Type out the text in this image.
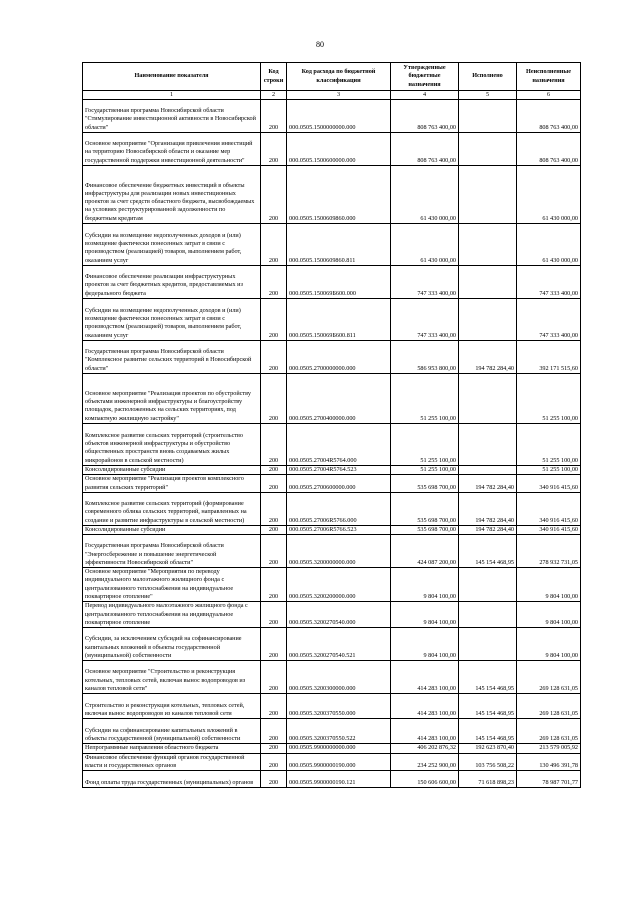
80
Наименование показателя	Код строки	Код расхода по бюджетной классификации	Утвержденные бюджетные назначения	Исполнено	Неисполненные назначения
1	2	3	4	5	6
Государственная программа Новосибирской области "Стимулирование инвестиционной активности в Новосибирской области"	200	000.0505.1500000000.000	808 763 400,00		808 763 400,00
Основное мероприятие "Организация привлечения инвестиций на территорию Новосибирской области и оказание мер государственной поддержки инвестиционной деятельности"	200	000.0505.1500600000.000	808 763 400,00		808 763 400,00
Финансовое обеспечение бюджетных инвестиций в объекты инфраструктуры для реализации новых инвестиционных проектов за счет средств областного бюджета, высвобождаемых на условиях реструктурированной задолженности по бюджетным кредитам	200	000.0505.1500609860.000	61 430 000,00		61 430 000,00
Субсидии на возмещение недополученных доходов и (или) возмещение фактически понесенных затрат в связи с производством (реализацией) товаров, выполнением работ, оказанием услуг	200	000.0505.1500609860.811	61 430 000,00		61 430 000,00
Финансовое обеспечение реализации инфраструктурных проектов за счет бюджетных кредитов, предоставляемых из федерального бюджета	200	000.0505.150069Б600.000	747 333 400,00		747 333 400,00
Субсидии на возмещение недополученных доходов и (или) возмещение фактически понесенных затрат в связи с производством (реализацией) товаров, выполнением работ, оказанием услуг	200	000.0505.150069Б600.811	747 333 400,00		747 333 400,00
Государственная программа Новосибирской области "Комплексное развитие сельских территорий в Новосибирской области"	200	000.0505.2700000000.000	586 953 800,00	194 782 284,40	392 171 515,60
Основное мероприятие "Реализация проектов по обустройству объектами инженерной инфраструктуры и благоустройству площадок, расположенных на сельских территориях, под компактную жилищную застройку"	200	000.0505.2700400000.000	51 255 100,00		51 255 100,00
Комплексное развитие сельских территорий (строительство объектов инженерной инфраструктуры и обустройство общественных пространств вновь создаваемых жилых микрорайонов в сельской местности)	200	000.0505.27004R5764.000	51 255 100,00		51 255 100,00
Консолидированные субсидии	200	000.0505.27004R5764.523	51 255 100,00		51 255 100,00
Основное мероприятие "Реализация проектов комплексного развития сельских территорий"	200	000.0505.2700600000.000	535 698 700,00	194 782 284,40	340 916 415,60
Комплексное развитие сельских территорий (формирование современного облика сельских территорий, направленных на создание и развитие инфраструктуры в сельской местности)	200	000.0505.27006R5766.000	535 698 700,00	194 782 284,40	340 916 415,60
Консолидированные субсидии	200	000.0505.27006R5766.523	535 698 700,00	194 782 284,40	340 916 415,60
Государственная программа Новосибирской области "Энергосбережение и повышение энергетической эффективности Новосибирской области"	200	000.0505.3200000000.000	424 087 200,00	145 154 468,95	278 932 731,05
Основное мероприятие "Мероприятия по переводу индивидуального малоэтажного жилищного фонда с централизованного теплоснабжения на индивидуальное поквартирное отопление"	200	000.0505.3200200000.000	9 804 100,00		9 804 100,00
Перевод индивидуального малоэтажного жилищного фонда с централизованного теплоснабжения на индивидуальное поквартирное отопление	200	000.0505.3200270540.000	9 804 100,00		9 804 100,00
Субсидии, за исключением субсидий на софинансирование капитальных вложений в объекты государственной (муниципальной) собственности	200	000.0505.3200270540.521	9 804 100,00		9 804 100,00
Основное мероприятие "Строительство и реконструкция котельных, тепловых сетей, включая вынос водопроводов из каналов тепловой сети"	200	000.0505.3200300000.000	414 283 100,00	145 154 468,95	269 128 631,05
Строительство и реконструкция котельных, тепловых сетей, включая вынос водопроводов из каналов тепловой сети	200	000.0505.3200370550.000	414 283 100,00	145 154 468,95	269 128 631,05
Субсидии на софинансирование капитальных вложений в объекты государственной (муниципальной) собственности	200	000.0505.3200370550.522	414 283 100,00	145 154 468,95	269 128 631,05
Непрограммные направления областного бюджета	200	000.0505.9900000000.000	406 202 876,32	192 623 870,40	213 579 005,92
Финансовое обеспечение функций органов государственной власти и государственных органов	200	000.0505.9900000190.000	234 252 900,00	103 756 508,22	130 496 391,78
Фонд оплаты труда государственных (муниципальных) органов	200	000.0505.9900000190.121	150 606 600,00	71 618 898,23	78 987 701,77
